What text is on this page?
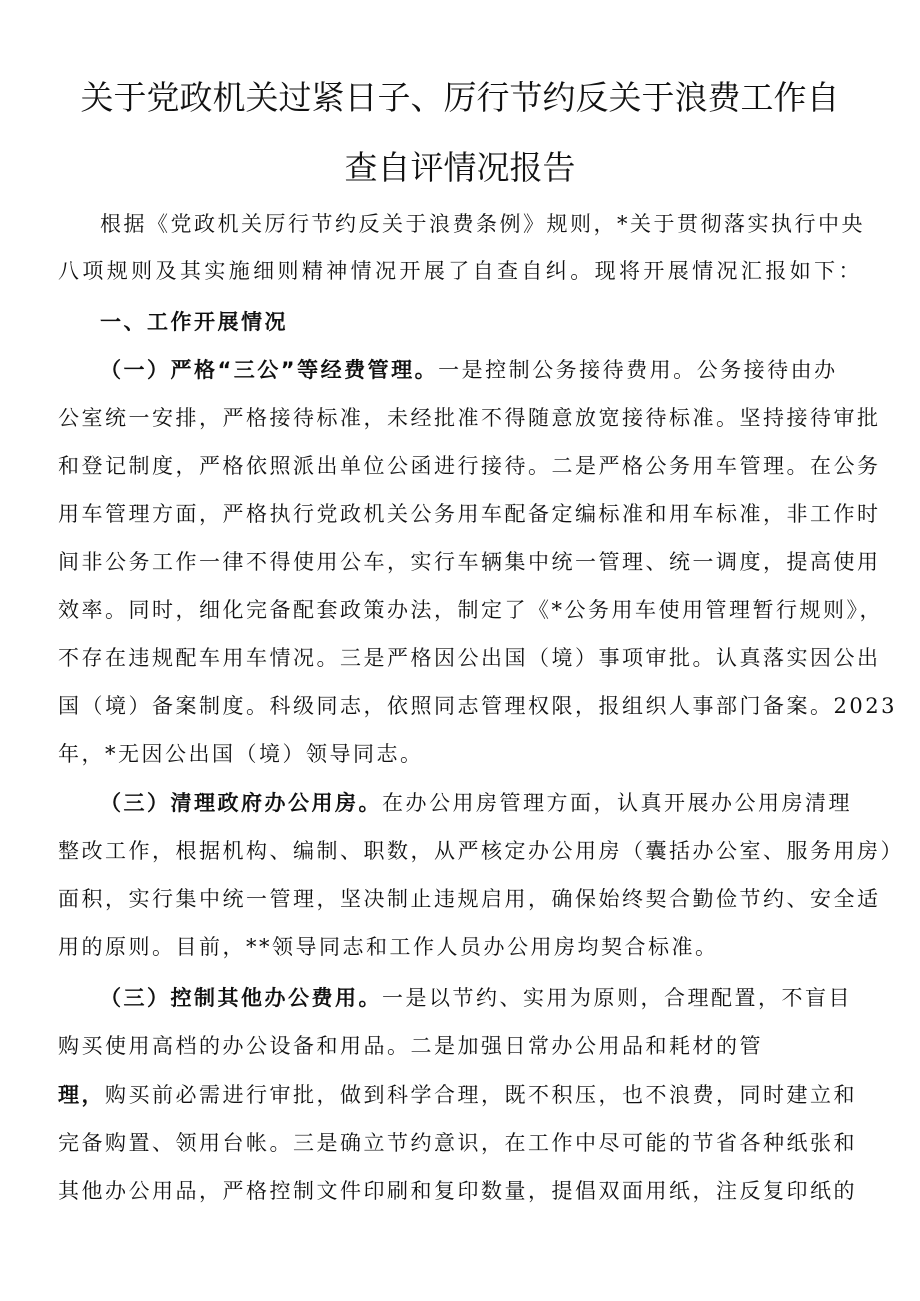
关于党政机关过紧日子、厉行节约反关于浪费工作自
查自评情况报告
根据《党政机关厉行节约反关于浪费条例》规则，*关于贯彻落实执行中央
八项规则及其实施细则精神情况开展了自查自纠。现将开展情况汇报如下：
一、工作开展情况
（一）严格“三公”等经费管理。一是控制公务接待费用。公务接待由办
公室统一安排，严格接待标准，未经批准不得随意放宽接待标准。坚持接待审批
和登记制度，严格依照派出单位公函进行接待。二是严格公务用车管理。在公务
用车管理方面，严格执行党政机关公务用车配备定编标准和用车标准，非工作时
间非公务工作一律不得使用公车，实行车辆集中统一管理、统一调度，提高使用
效率。同时，细化完备配套政策办法，制定了《*公务用车使用管理暂行规则》，
不存在违规配车用车情况。三是严格因公出国（境）事项审批。认真落实因公出
国（境）备案制度。科级同志，依照同志管理权限，报组织人事部门备案。2023
年，*无因公出国（境）领导同志。
（三）清理政府办公用房。在办公用房管理方面，认真开展办公用房清理
整改工作，根据机构、编制、职数，从严核定办公用房（囊括办公室、服务用房）
面积，实行集中统一管理，坚决制止违规启用，确保始终契合勤俭节约、安全适
用的原则。目前，**领导同志和工作人员办公用房均契合标准。
（三）控制其他办公费用。一是以节约、实用为原则，合理配置，不盲目
购买使用高档的办公设备和用品。二是加强日常办公用品和耗材的管
理，购买前必需进行审批，做到科学合理，既不积压，也不浪费，同时建立和
完备购置、领用台帐。三是确立节约意识，在工作中尽可能的节省各种纸张和
其他办公用品，严格控制文件印刷和复印数量，提倡双面用纸，注反复印纸的
